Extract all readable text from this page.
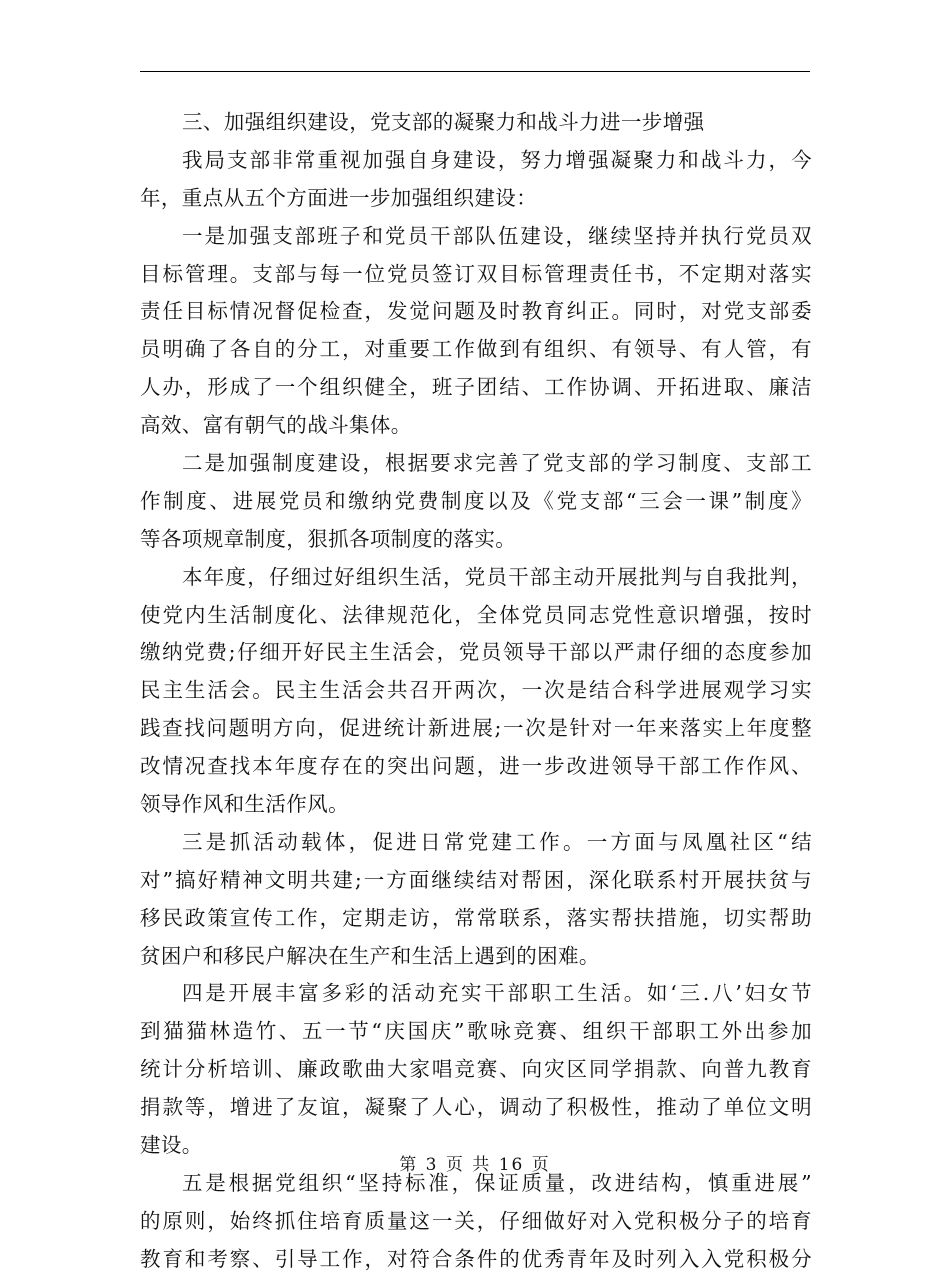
三、加强组织建设，党支部的凝聚力和战斗力进一步增强
我局支部非常重视加强自身建设，努力增强凝聚力和战斗力，今
年，重点从五个方面进一步加强组织建设：
一是加强支部班子和党员干部队伍建设，继续坚持并执行党员双
目标管理。支部与每一位党员签订双目标管理责任书，不定期对落实
责任目标情况督促检查，发觉问题及时教育纠正。同时，对党支部委
员明确了各自的分工，对重要工作做到有组织、有领导、有人管，有
人办，形成了一个组织健全，班子团结、工作协调、开拓进取、廉洁
高效、富有朝气的战斗集体。
二是加强制度建设，根据要求完善了党支部的学习制度、支部工
作制度、进展党员和缴纳党费制度以及《党支部“三会一课”制度》
等各项规章制度，狠抓各项制度的落实。
本年度，仔细过好组织生活，党员干部主动开展批判与自我批判，
使党内生活制度化、法律规范化，全体党员同志党性意识增强，按时
缴纳党费;仔细开好民主生活会，党员领导干部以严肃仔细的态度参加
民主生活会。民主生活会共召开两次，一次是结合科学进展观学习实
践查找问题明方向，促进统计新进展;一次是针对一年来落实上年度整
改情况查找本年度存在的突出问题，进一步改进领导干部工作作风、
领导作风和生活作风。
三是抓活动载体，促进日常党建工作。一方面与凤凰社区“结
对”搞好精神文明共建;一方面继续结对帮困，深化联系村开展扶贫与
移民政策宣传工作，定期走访，常常联系，落实帮扶措施，切实帮助
贫困户和移民户解决在生产和生活上遇到的困难。
四是开展丰富多彩的活动充实干部职工生活。如‘三.八’妇女节
到猫猫林造竹、五一节“庆国庆”歌咏竞赛、组织干部职工外出参加
统计分析培训、廉政歌曲大家唱竞赛、向灾区同学捐款、向普九教育
捐款等，增进了友谊，凝聚了人心，调动了积极性，推动了单位文明
建设。
五是根据党组织“坚持标准，保证质量，改进结构，慎重进展”
的原则，始终抓住培育质量这一关，仔细做好对入党积极分子的培育
教育和考察、引导工作，对符合条件的优秀青年及时列入入党积极分
第 3 页 共 16 页
